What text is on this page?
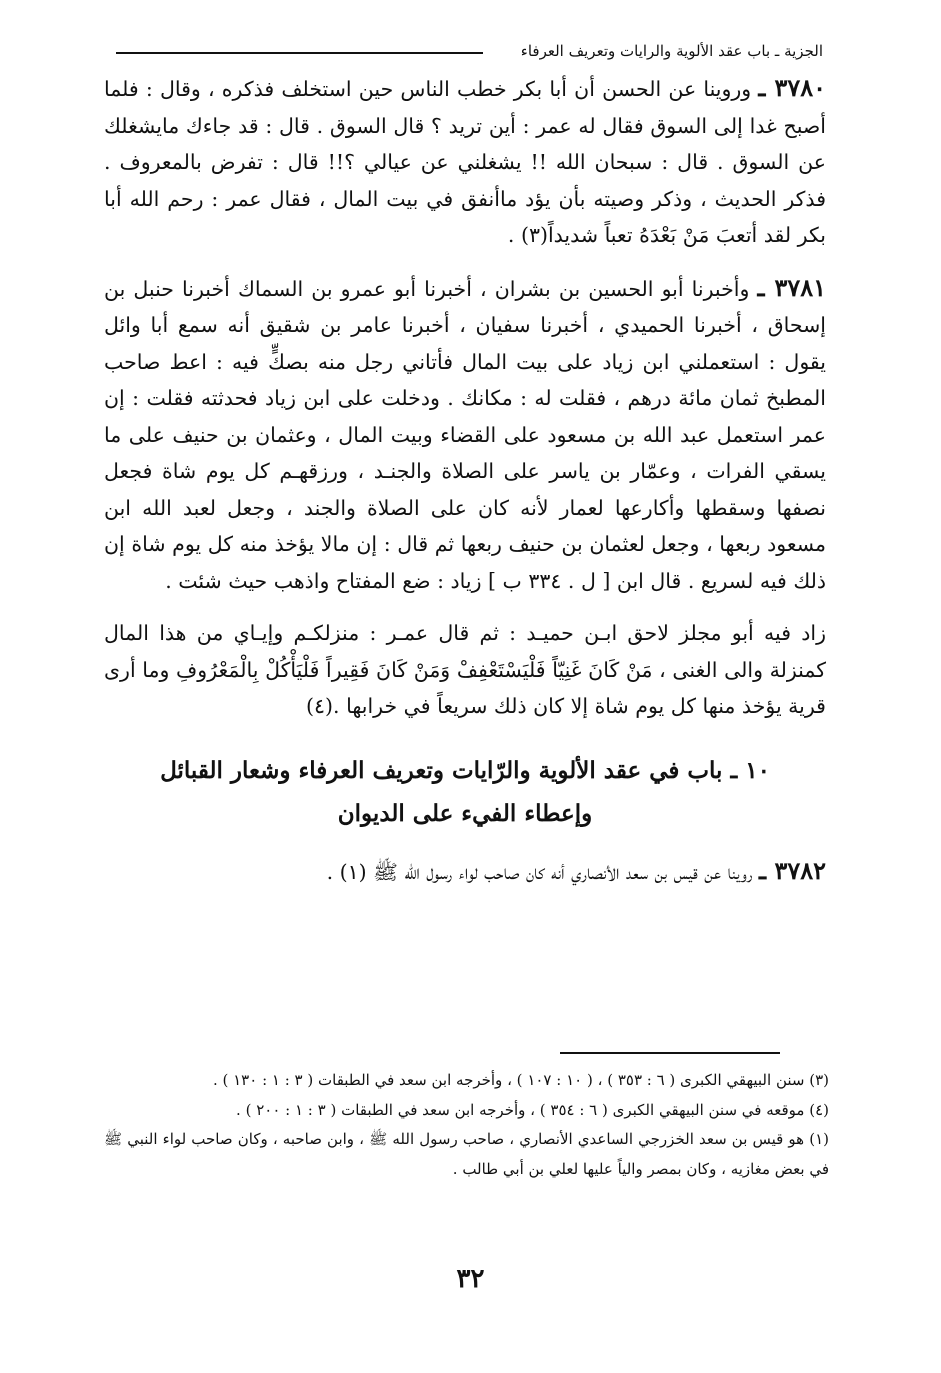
الجزية ـ باب عقد الألوية والرايات وتعريف العرفاء

٣٧٨٠ ـ وروينا عن الحسن أن أبا بكر خطب الناس حين استخلف فذكره ، وقال : فلما أصبح غدا إلى السوق فقال له عمر : أين تريد ؟ قال السوق . قال : قد جاءك مايشغلك عن السوق . قال : سبحان الله !! يشغلني عن عيالي ؟!! قال : تفرض بالمعروف . فذكر الحديث ، وذكر وصيته بأن يؤد ماأنفق في بيت المال ، فقال عمر : رحم الله أبا بكر لقد أتعبَ مَنْ بَعْدَهُ تعباً شديداً(٣) .

٣٧٨١ ـ وأخبرنا أبو الحسين بن بشران ، أخبرنا أبو عمرو بن السماك أخبرنا حنبل بن إسحاق ، أخبرنا الحميدي ، أخبرنا سفيان ، أخبرنا عامر بن شقيق أنه سمع أبا وائل يقول : استعملني ابن زياد على بيت المال فأتاني رجل منه بصكٍّ فيه : اعط صاحب المطبخ ثمان مائة درهم ، فقلت له : مكانك . ودخلت على ابن زياد فحدثته فقلت : إن عمر استعمل عبد الله بن مسعود على القضاء وبيت المال ، وعثمان بن حنيف على ما يسقي الفرات ، وعمّار بن ياسر على الصلاة والجنـد ، ورزقهـم كل يوم شاة فجعل نصفها وسقطها وأكارعها لعمار لأنه كان على الصلاة والجند ، وجعل لعبد الله ابن مسعود ربعها ، وجعل لعثمان بن حنيف ربعها ثم قال : إن مالا يؤخذ منه كل يوم شاة إن ذلك فيه لسريع . قال ابن [ ل . ٣٣٤ ب ] زياد : ضع المفتاح واذهب حيث شئت .

زاد فيه أبو مجلز لاحق ابـن حميـد : ثم قال عمـر : منزلكـم وإيـاي من هذا المال كمنزلة والى الغنى ، مَنْ كَانَ غَنِيّاً فَلْيَسْتَعْفِفْ وَمَنْ كَانَ فَقِيراً فَلْيَأْكُلْ بِالْمَعْرُوفِ وما أرى قرية يؤخذ منها كل يوم شاة إلا كان ذلك سريعاً في خرابها .(٤)

١٠ ـ باب في عقد الألوية والرّايات وتعريف العرفاء وشعار القبائل وإعطاء الفيء على الديوان

٣٧٨٢ ـ روينا عن قيس بن سعد الأنصاري أنه كان صاحب لواء رسول الله ﷺ (١) .

(٣) سنن البيهقي الكبرى ( ٦ : ٣٥٣ ) ، ( ١٠ : ١٠٧ ) ، وأخرجه ابن سعد في الطبقات ( ٣ : ١ : ١٣٠ ) .

(٤) موقعه في سنن البيهقي الكبرى ( ٦ : ٣٥٤ ) ، وأخرجه ابن سعد في الطبقات ( ٣ : ١ : ٢٠٠ ) .

(١) هو قيس بن سعد الخزرجي الساعدي الأنصاري ، صاحب رسول الله ﷺ ، وابن صاحبه ، وكان صاحب لواء النبي ﷺ في بعض مغازيه ، وكان بمصر والياً عليها لعلي بن أبي طالب .

٣٢
